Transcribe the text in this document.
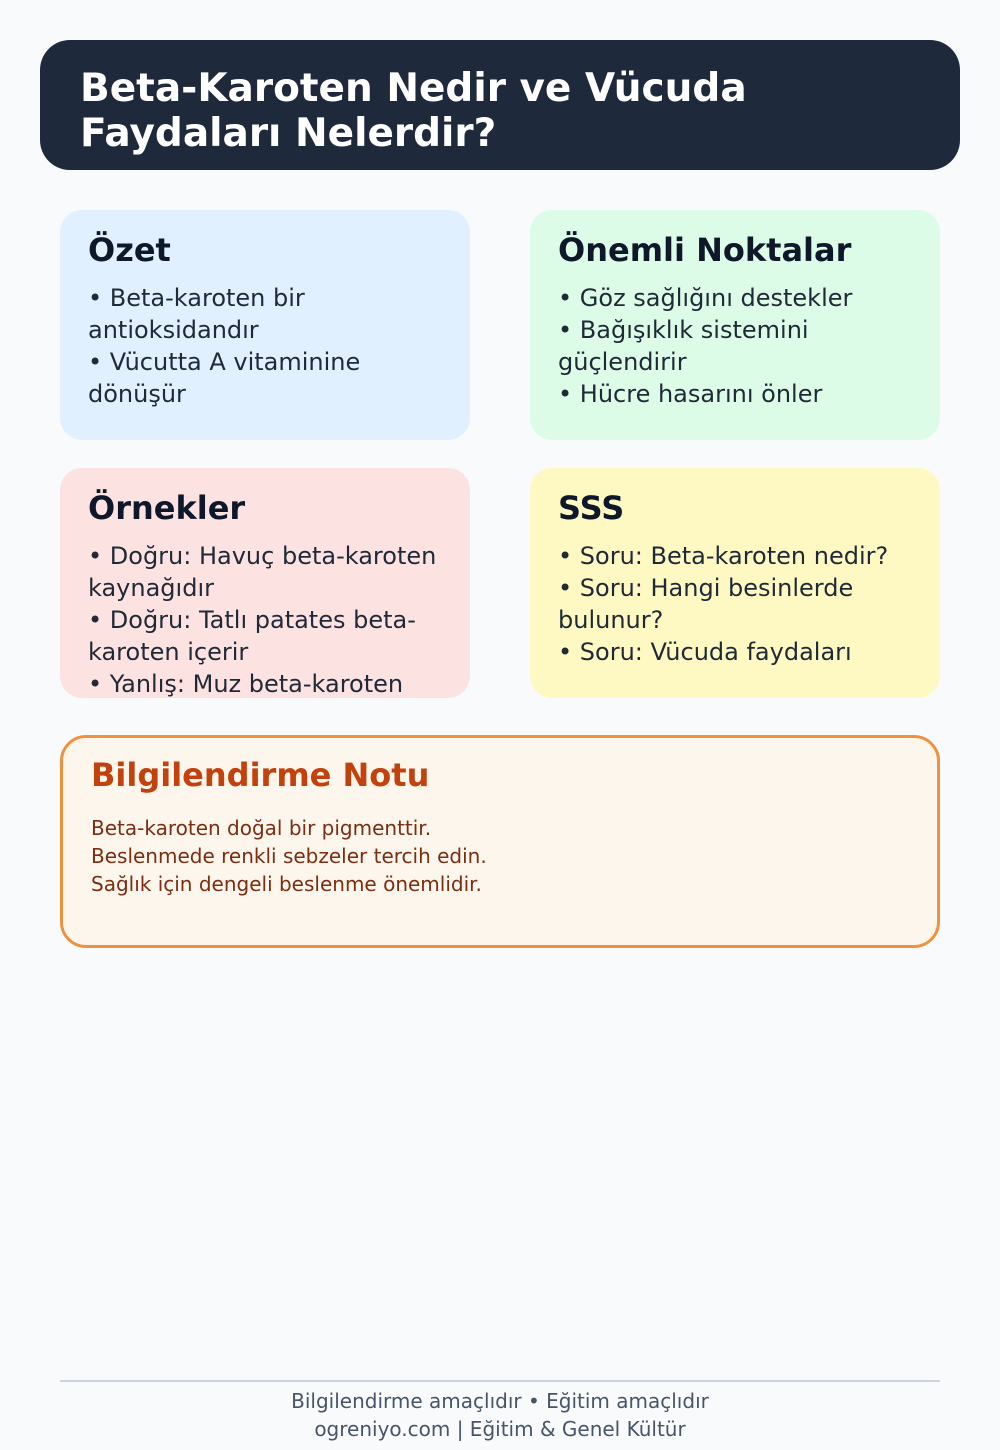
Beta-Karoten Nedir ve Vücuda Faydaları Nelerdir?
Özet
• Beta-karoten bir antioksidandır
• Vücutta A vitaminine dönüşür
Önemli Noktalar
• Göz sağlığını destekler
• Bağışıklık sistemini güçlendirir
• Hücre hasarını önler
Örnekler
• Doğru: Havuç beta-karoten kaynağıdır
• Doğru: Tatlı patates beta-karoten içerir
• Yanlış: Muz beta-karoten
SSS
• Soru: Beta-karoten nedir?
• Soru: Hangi besinlerde bulunur?
• Soru: Vücuda faydaları
Bilgilendirme Notu

Beta-karoten doğal bir pigmenttir.

Beslenmede renkli sebzeler tercih edin.

Sağlık için dengeli beslenme önemlidir.

Bilgilendirme amaçlıdır • Eğitim amaçlıdır
ogreniyo.com | Eğitim & Genel Kültür
